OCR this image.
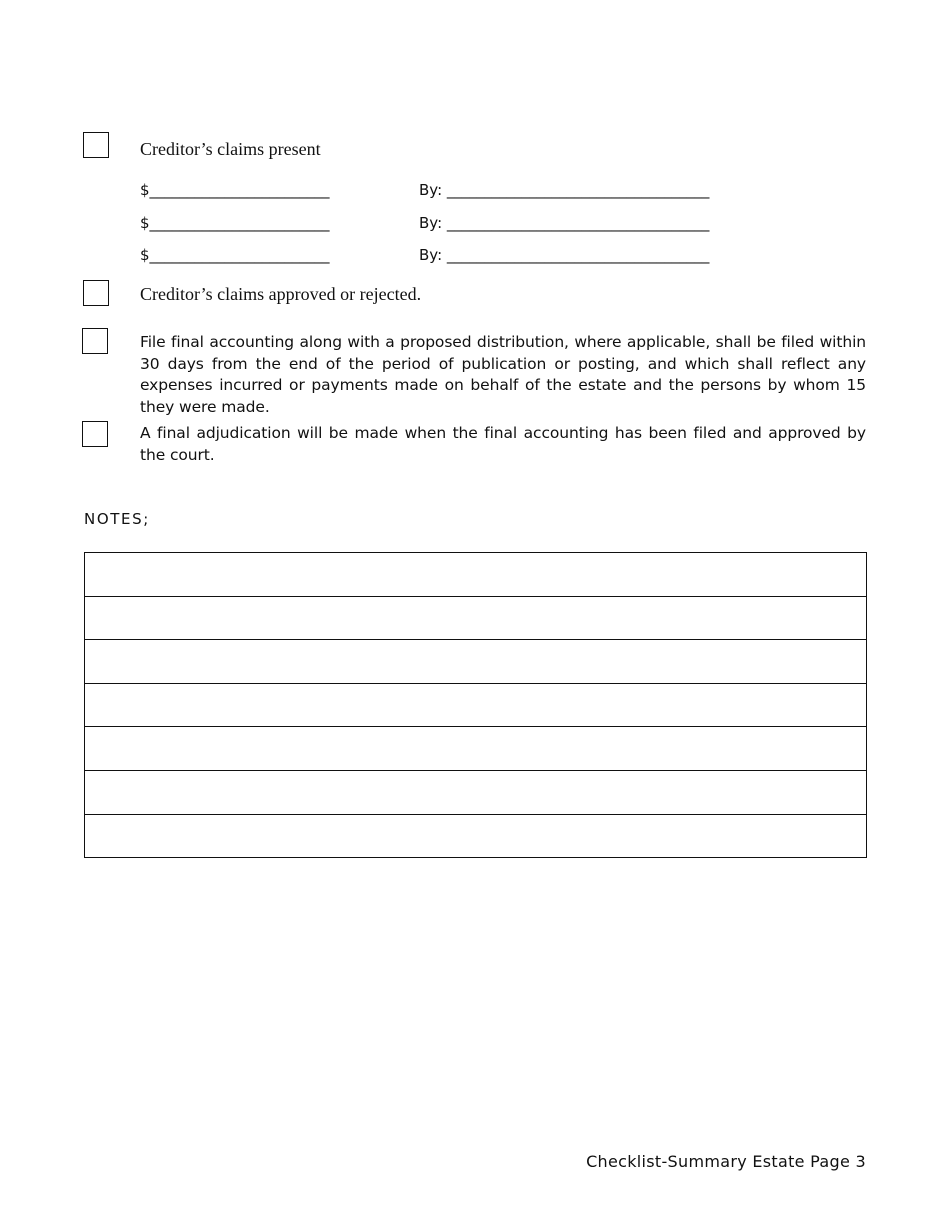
Creditor’s claims present
$________________________	By: ___________________________________
$________________________	By: ___________________________________
$________________________	By: ___________________________________
Creditor’s claims approved or rejected.
File final accounting along with a proposed distribution, where applicable, shall be filed within 30 days from the end of the period of publication or posting, and which shall reflect any expenses incurred or payments made on behalf of the estate and the persons by whom 15 they were made.
A final adjudication will be made when the final accounting has been filed and approved by the court.
NOTES;

Checklist-Summary Estate Page 3
